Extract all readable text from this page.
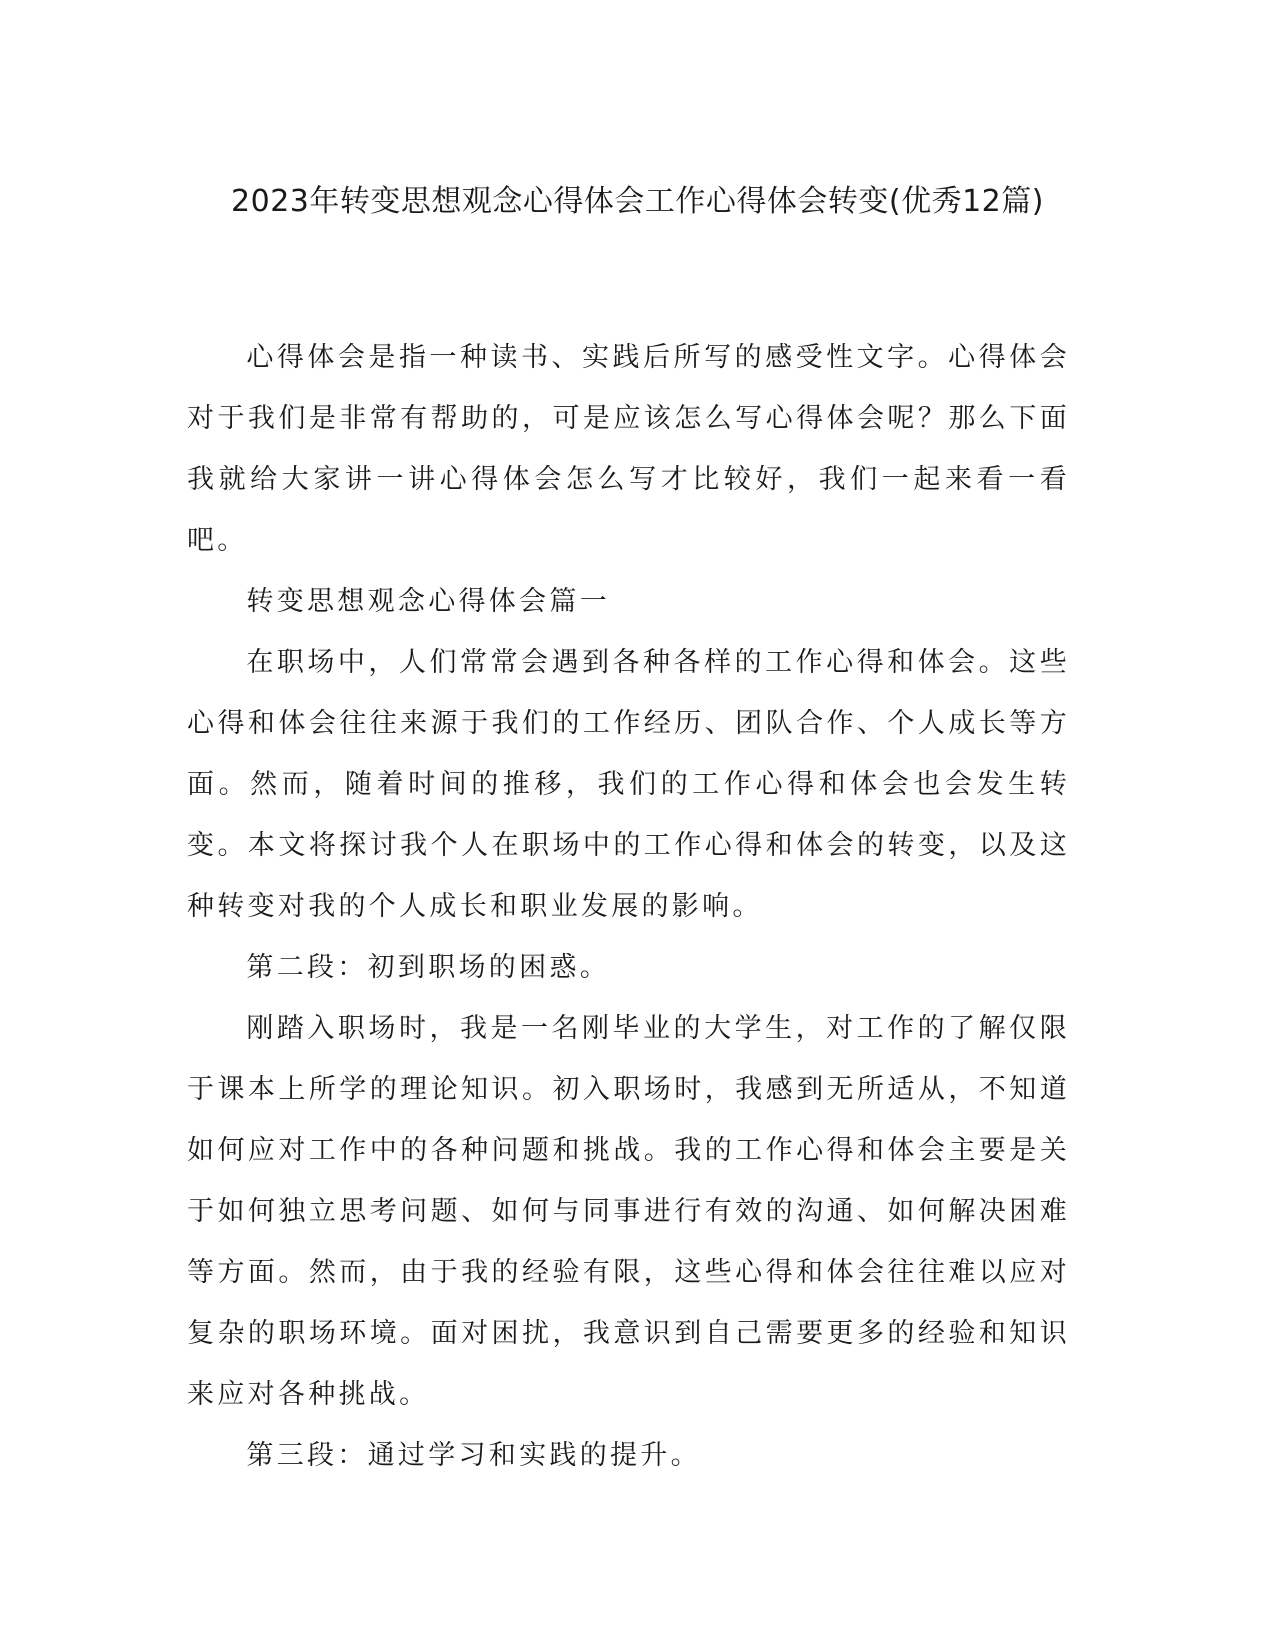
2023年转变思想观念心得体会工作心得体会转变(优秀12篇)

心得体会是指一种读书、实践后所写的感受性文字。心得体会对于我们是非常有帮助的，可是应该怎么写心得体会呢？那么下面我就给大家讲一讲心得体会怎么写才比较好，我们一起来看一看吧。

转变思想观念心得体会篇一

在职场中，人们常常会遇到各种各样的工作心得和体会。这些心得和体会往往来源于我们的工作经历、团队合作、个人成长等方面。然而，随着时间的推移，我们的工作心得和体会也会发生转变。本文将探讨我个人在职场中的工作心得和体会的转变，以及这种转变对我的个人成长和职业发展的影响。

第二段：初到职场的困惑。

刚踏入职场时，我是一名刚毕业的大学生，对工作的了解仅限于课本上所学的理论知识。初入职场时，我感到无所适从，不知道如何应对工作中的各种问题和挑战。我的工作心得和体会主要是关于如何独立思考问题、如何与同事进行有效的沟通、如何解决困难等方面。然而，由于我的经验有限，这些心得和体会往往难以应对复杂的职场环境。面对困扰，我意识到自己需要更多的经验和知识来应对各种挑战。

第三段：通过学习和实践的提升。
